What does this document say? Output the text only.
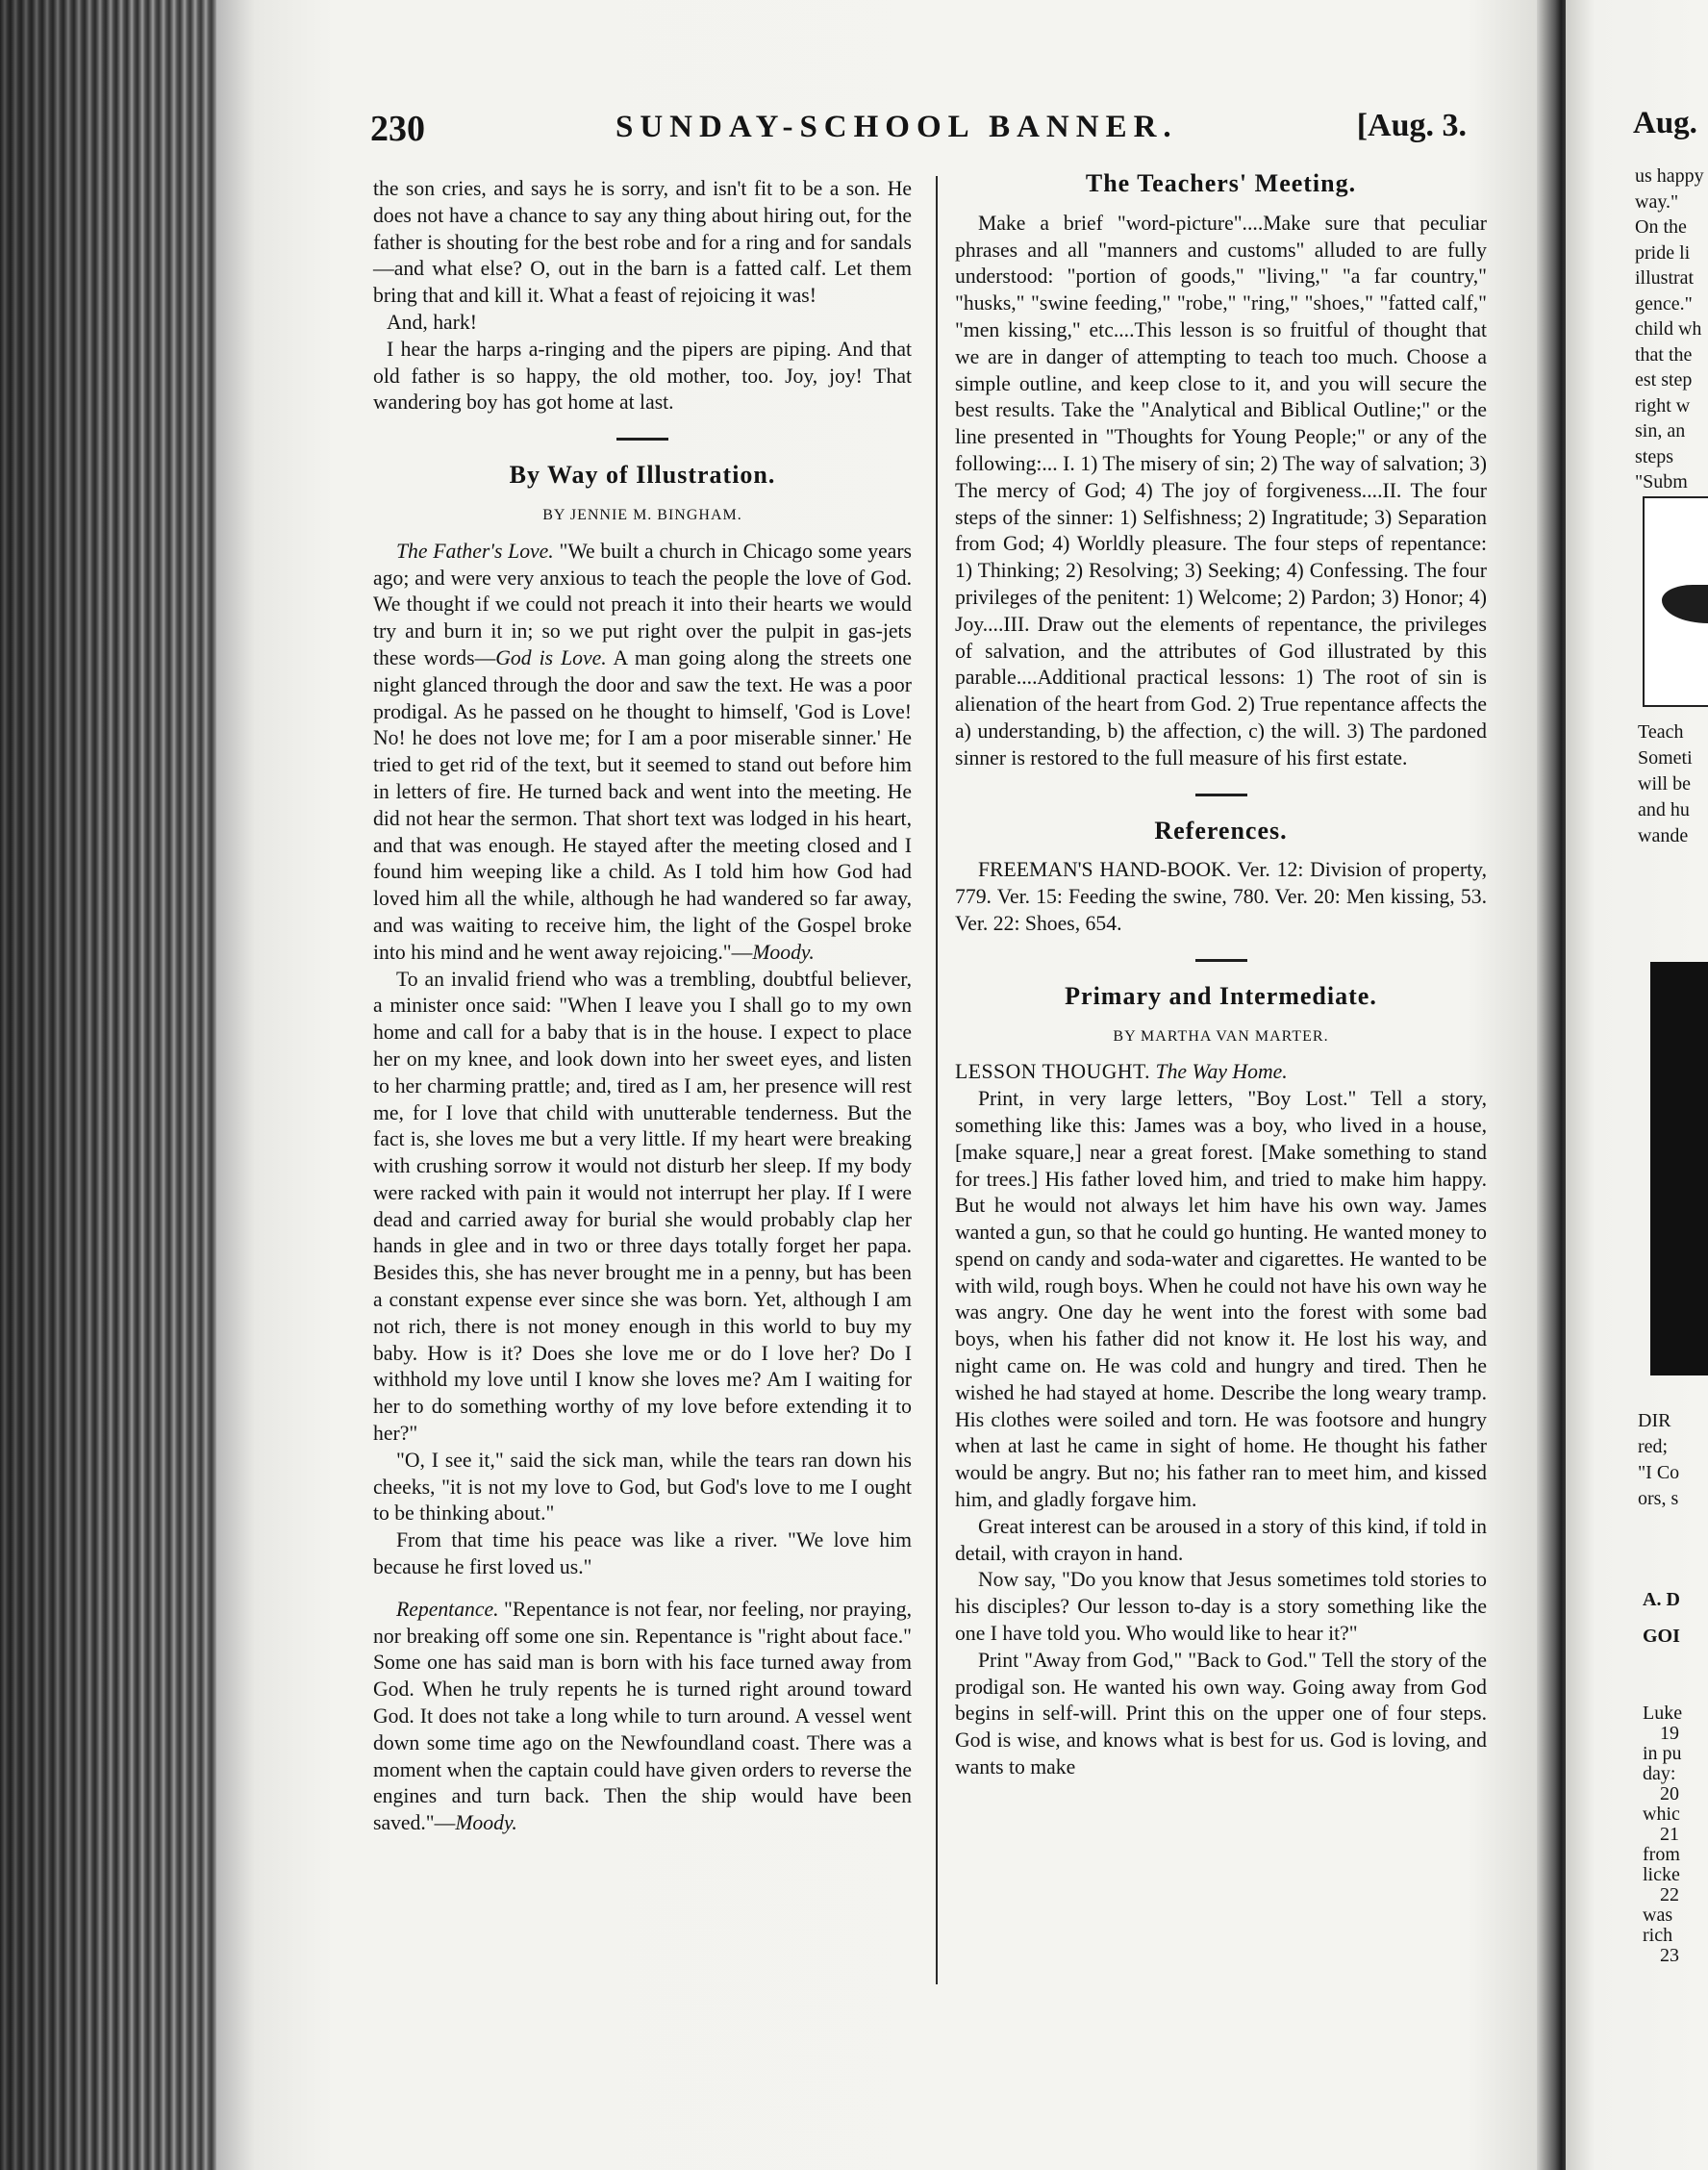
230	SUNDAY-SCHOOL BANNER.	[Aug. 3.

the son cries, and says he is sorry, and isn't fit to be a son. He does not have a chance to say any thing about hiring out, for the father is shouting for the best robe and for a ring and for sandals—and what else? O, out in the barn is a fatted calf. Let them bring that and kill it. What a feast of rejoicing it was!

And, hark!

I hear the harps a-ringing and the pipers are piping. And that old father is so happy, the old mother, too. Joy, joy! That wandering boy has got home at last.

By Way of Illustration.
BY JENNIE M. BINGHAM.

The Father's Love. "We built a church in Chicago some years ago; and were very anxious to teach the people the love of God. We thought if we could not preach it into their hearts we would try and burn it in; so we put right over the pulpit in gas-jets these words—God is Love. A man going along the streets one night glanced through the door and saw the text. He was a poor prodigal. As he passed on he thought to himself, 'God is Love! No! he does not love me; for I am a poor miserable sinner.' He tried to get rid of the text, but it seemed to stand out before him in letters of fire. He turned back and went into the meeting. He did not hear the sermon. That short text was lodged in his heart, and that was enough. He stayed after the meeting closed and I found him weeping like a child. As I told him how God had loved him all the while, although he had wandered so far away, and was waiting to receive him, the light of the Gospel broke into his mind and he went away rejoicing."—Moody.

To an invalid friend who was a trembling, doubtful believer, a minister once said: "When I leave you I shall go to my own home and call for a baby that is in the house. I expect to place her on my knee, and look down into her sweet eyes, and listen to her charming prattle; and, tired as I am, her presence will rest me, for I love that child with unutterable tenderness. But the fact is, she loves me but a very little. If my heart were breaking with crushing sorrow it would not disturb her sleep. If my body were racked with pain it would not interrupt her play. If I were dead and carried away for burial she would probably clap her hands in glee and in two or three days totally forget her papa. Besides this, she has never brought me in a penny, but has been a constant expense ever since she was born. Yet, although I am not rich, there is not money enough in this world to buy my baby. How is it? Does she love me or do I love her? Do I withhold my love until I know she loves me? Am I waiting for her to do something worthy of my love before extending it to her?"

"O, I see it," said the sick man, while the tears ran down his cheeks, "it is not my love to God, but God's love to me I ought to be thinking about."

From that time his peace was like a river. "We love him because he first loved us."

Repentance. "Repentance is not fear, nor feeling, nor praying, nor breaking off some one sin. Repentance is "right about face." Some one has said man is born with his face turned away from God. When he truly repents he is turned right around toward God. It does not take a long while to turn around. A vessel went down some time ago on the Newfoundland coast. There was a moment when the captain could have given orders to reverse the engines and turn back. Then the ship would have been saved."—Moody.

The Teachers' Meeting.

Make a brief "word-picture"....Make sure that peculiar phrases and all "manners and customs" alluded to are fully understood: "portion of goods," "living," "a far country," "husks," "swine feeding," "robe," "ring," "shoes," "fatted calf," "men kissing," etc....This lesson is so fruitful of thought that we are in danger of attempting to teach too much. Choose a simple outline, and keep close to it, and you will secure the best results. Take the "Analytical and Biblical Outline;" or the line presented in "Thoughts for Young People;" or any of the following:... I. 1) The misery of sin; 2) The way of salvation; 3) The mercy of God; 4) The joy of forgiveness....II. The four steps of the sinner: 1) Selfishness; 2) Ingratitude; 3) Separation from God; 4) Worldly pleasure. The four steps of repentance: 1) Thinking; 2) Resolving; 3) Seeking; 4) Confessing. The four privileges of the penitent: 1) Welcome; 2) Pardon; 3) Honor; 4) Joy....III. Draw out the elements of repentance, the privileges of salvation, and the attributes of God illustrated by this parable....Additional practical lessons: 1) The root of sin is alienation of the heart from God. 2) True repentance affects the a) understanding, b) the affection, c) the will. 3) The pardoned sinner is restored to the full measure of his first estate.

References.

FREEMAN'S HAND-BOOK. Ver. 12: Division of property, 779. Ver. 15: Feeding the swine, 780. Ver. 20: Men kissing, 53. Ver. 22: Shoes, 654.

Primary and Intermediate.
BY MARTHA VAN MARTER.

LESSON THOUGHT. The Way Home.

Print, in very large letters, "Boy Lost." Tell a story, something like this: James was a boy, who lived in a house, [make square,] near a great forest. [Make something to stand for trees.] His father loved him, and tried to make him happy. But he would not always let him have his own way. James wanted a gun, so that he could go hunting. He wanted money to spend on candy and soda-water and cigarettes. He wanted to be with wild, rough boys. When he could not have his own way he was angry. One day he went into the forest with some bad boys, when his father did not know it. He lost his way, and night came on. He was cold and hungry and tired. Then he wished he had stayed at home. Describe the long weary tramp. His clothes were soiled and torn. He was footsore and hungry when at last he came in sight of home. He thought his father would be angry. But no; his father ran to meet him, and kissed him, and gladly forgave him.

Great interest can be aroused in a story of this kind, if told in detail, with crayon in hand.

Now say, "Do you know that Jesus sometimes told stories to his disciples? Our lesson to-day is a story something like the one I have told you. Who would like to hear it?"

Print "Away from God," "Back to God." Tell the story of the prodigal son. He wanted his own way. Going away from God begins in self-will. Print this on the upper one of four steps. God is wise, and knows what is best for us. God is loving, and wants to make

Aug.
us happy
way."
On the
pride li
illustrat
gence."
child wh
that the
est step
right w
sin, an
steps
"Subm
Teach
Someti
will be
and hu
wande
DIR
red;
"I Co
ors, s
A. D
GOI
Luke
19
in pu
day:
20
whic
21
from
licke
22
was
rich
23
